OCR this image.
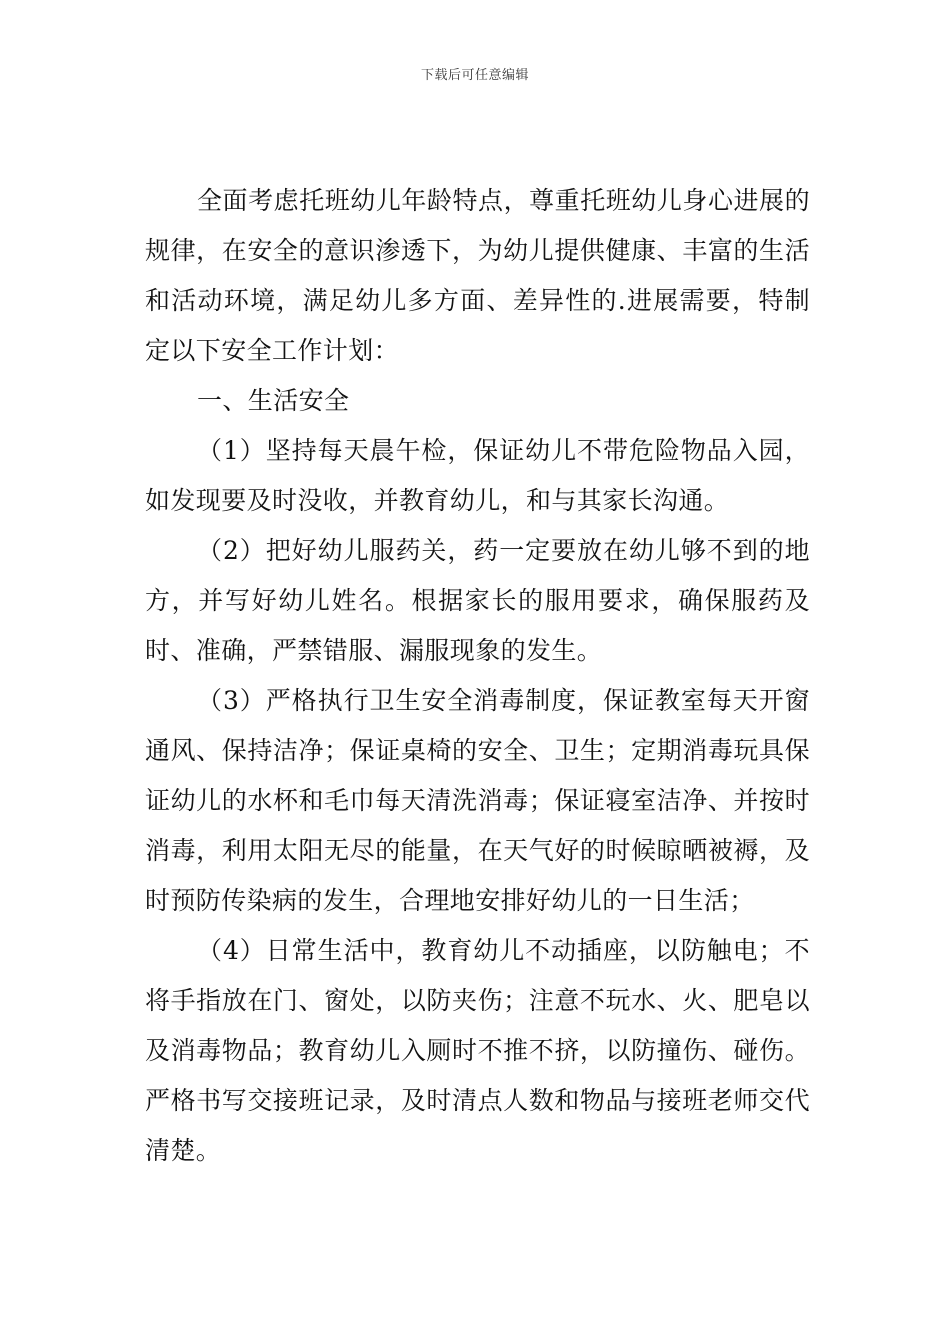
下载后可任意编辑

全面考虑托班幼儿年龄特点，尊重托班幼儿身心进展的规律，在安全的意识渗透下，为幼儿提供健康、丰富的生活和活动环境，满足幼儿多方面、差异性的.进展需要，特制定以下安全工作计划：

一、生活安全

（1）坚持每天晨午检，保证幼儿不带危险物品入园，如发现要及时没收，并教育幼儿，和与其家长沟通。

（2）把好幼儿服药关，药一定要放在幼儿够不到的地方，并写好幼儿姓名。根据家长的服用要求，确保服药及时、准确，严禁错服、漏服现象的发生。

（3）严格执行卫生安全消毒制度，保证教室每天开窗通风、保持洁净；保证桌椅的安全、卫生；定期消毒玩具保证幼儿的水杯和毛巾每天清洗消毒；保证寝室洁净、并按时消毒，利用太阳无尽的能量，在天气好的时候晾晒被褥，及时预防传染病的发生，合理地安排好幼儿的一日生活；

（4）日常生活中，教育幼儿不动插座，以防触电；不将手指放在门、窗处，以防夹伤；注意不玩水、火、肥皂以及消毒物品；教育幼儿入厕时不推不挤，以防撞伤、碰伤。严格书写交接班记录，及时清点人数和物品与接班老师交代清楚。
